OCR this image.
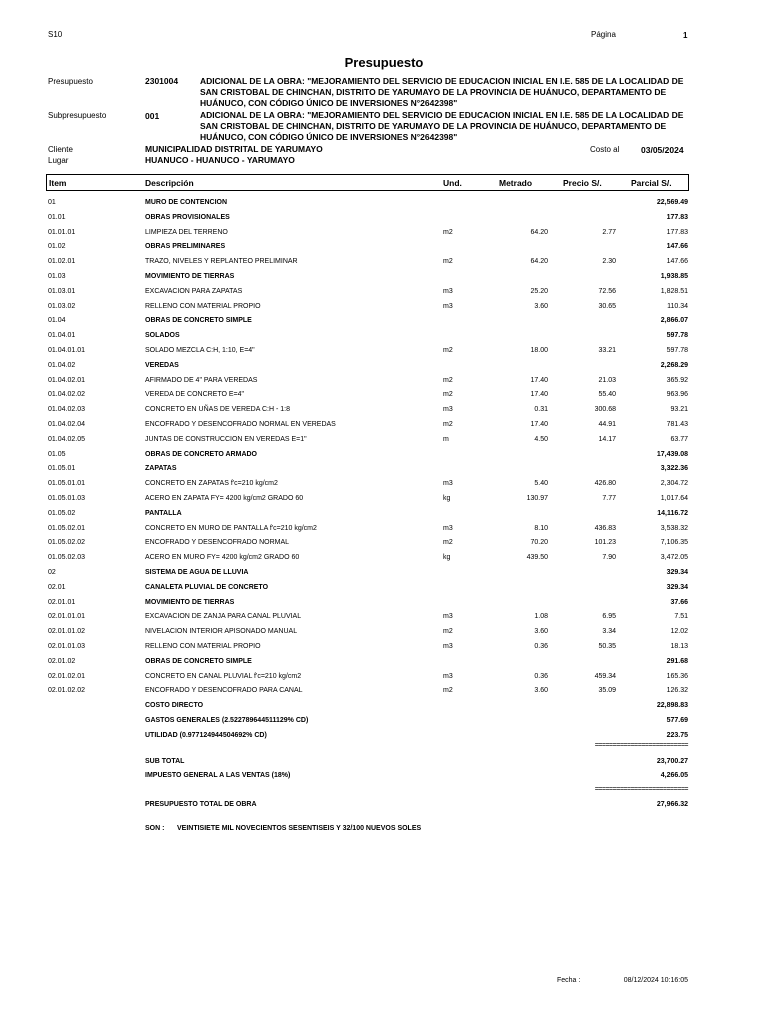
S10	Página	1
Presupuesto
Presupuesto	2301004	ADICIONAL DE LA OBRA: "MEJORAMIENTO DEL SERVICIO DE EDUCACION INICIAL EN I.E. 585 DE LA LOCALIDAD DE
SAN CRISTOBAL DE CHINCHAN, DISTRITO DE YARUMAYO DE LA PROVINCIA DE HUÁNUCO, DEPARTAMENTO DE
HUÁNUCO, CON CÓDIGO ÚNICO DE INVERSIONES N°2642398"
Subpresupuesto	001	ADICIONAL DE LA OBRA: "MEJORAMIENTO DEL SERVICIO DE EDUCACION INICIAL EN I.E. 585 DE LA LOCALIDAD DE
SAN CRISTOBAL DE CHINCHAN, DISTRITO DE YARUMAYO DE LA PROVINCIA DE HUÁNUCO, DEPARTAMENTO DE
HUÁNUCO, CON CÓDIGO ÚNICO DE INVERSIONES N°2642398"
Cliente	MUNICIPALIDAD DISTRITAL DE YARUMAYO	Costo al	03/05/2024
Lugar	HUANUCO - HUANUCO - YARUMAYO
Item	Descripción	Und.	Metrado	Precio S/.	Parcial S/.
01	MURO DE CONTENCION	22,569.49
01.01	OBRAS PROVISIONALES	177.83
01.01.01	LIMPIEZA DEL TERRENO	m2	64.20	2.77	177.83
01.02	OBRAS PRELIMINARES	147.66
01.02.01	TRAZO, NIVELES Y REPLANTEO PRELIMINAR	m2	64.20	2.30	147.66
01.03	MOVIMIENTO DE TIERRAS	1,938.85
01.03.01	EXCAVACION PARA ZAPATAS	m3	25.20	72.56	1,828.51
01.03.02	RELLENO CON MATERIAL PROPIO	m3	3.60	30.65	110.34
01.04	OBRAS DE CONCRETO SIMPLE	2,866.07
01.04.01	SOLADOS	597.78
01.04.01.01	SOLADO MEZCLA C:H, 1:10, E=4"	m2	18.00	33.21	597.78
01.04.02	VEREDAS	2,268.29
01.04.02.01	AFIRMADO DE 4" PARA VEREDAS	m2	17.40	21.03	365.92
01.04.02.02	VEREDA DE CONCRETO E=4"	m2	17.40	55.40	963.96
01.04.02.03	CONCRETO EN UÑAS DE VEREDA C:H - 1:8	m3	0.31	300.68	93.21
01.04.02.04	ENCOFRADO Y DESENCOFRADO NORMAL EN VEREDAS	m2	17.40	44.91	781.43
01.04.02.05	JUNTAS DE CONSTRUCCION EN VEREDAS E=1"	m	4.50	14.17	63.77
01.05	OBRAS DE CONCRETO ARMADO	17,439.08
01.05.01	ZAPATAS	3,322.36
01.05.01.01	CONCRETO EN ZAPATAS f'c=210 kg/cm2	m3	5.40	426.80	2,304.72
01.05.01.03	ACERO EN ZAPATA FY= 4200 kg/cm2 GRADO 60	kg	130.97	7.77	1,017.64
01.05.02	PANTALLA	14,116.72
01.05.02.01	CONCRETO EN MURO DE PANTALLA f'c=210 kg/cm2	m3	8.10	436.83	3,538.32
01.05.02.02	ENCOFRADO Y DESENCOFRADO NORMAL	m2	70.20	101.23	7,106.35
01.05.02.03	ACERO EN MURO FY= 4200 kg/cm2 GRADO 60	kg	439.50	7.90	3,472.05
02	SISTEMA DE AGUA DE LLUVIA	329.34
02.01	CANALETA PLUVIAL DE CONCRETO	329.34
02.01.01	MOVIMIENTO DE TIERRAS	37.66
02.01.01.01	EXCAVACION DE ZANJA PARA CANAL PLUVIAL	m3	1.08	6.95	7.51
02.01.01.02	NIVELACION INTERIOR APISONADO MANUAL	m2	3.60	3.34	12.02
02.01.01.03	RELLENO CON MATERIAL PROPIO	m3	0.36	50.35	18.13
02.01.02	OBRAS DE CONCRETO SIMPLE	291.68
02.01.02.01	CONCRETO EN CANAL PLUVIAL f'c=210 kg/cm2	m3	0.36	459.34	165.36
02.01.02.02	ENCOFRADO Y DESENCOFRADO PARA CANAL	m2	3.60	35.09	126.32
COSTO DIRECTO	22,898.83
GASTOS GENERALES (2.522789644511129% CD)	577.69
UTILIDAD (0.977124944504692% CD)	223.75
==========================
SUB TOTAL	23,700.27
IMPUESTO GENERAL A LAS VENTAS (18%)	4,266.05
==========================
PRESUPUESTO TOTAL DE OBRA	27,966.32
SON : VEINTISIETE MIL NOVECIENTOS SESENTISEIS Y 32/100 NUEVOS SOLES
Fecha :	08/12/2024 10:16:05
